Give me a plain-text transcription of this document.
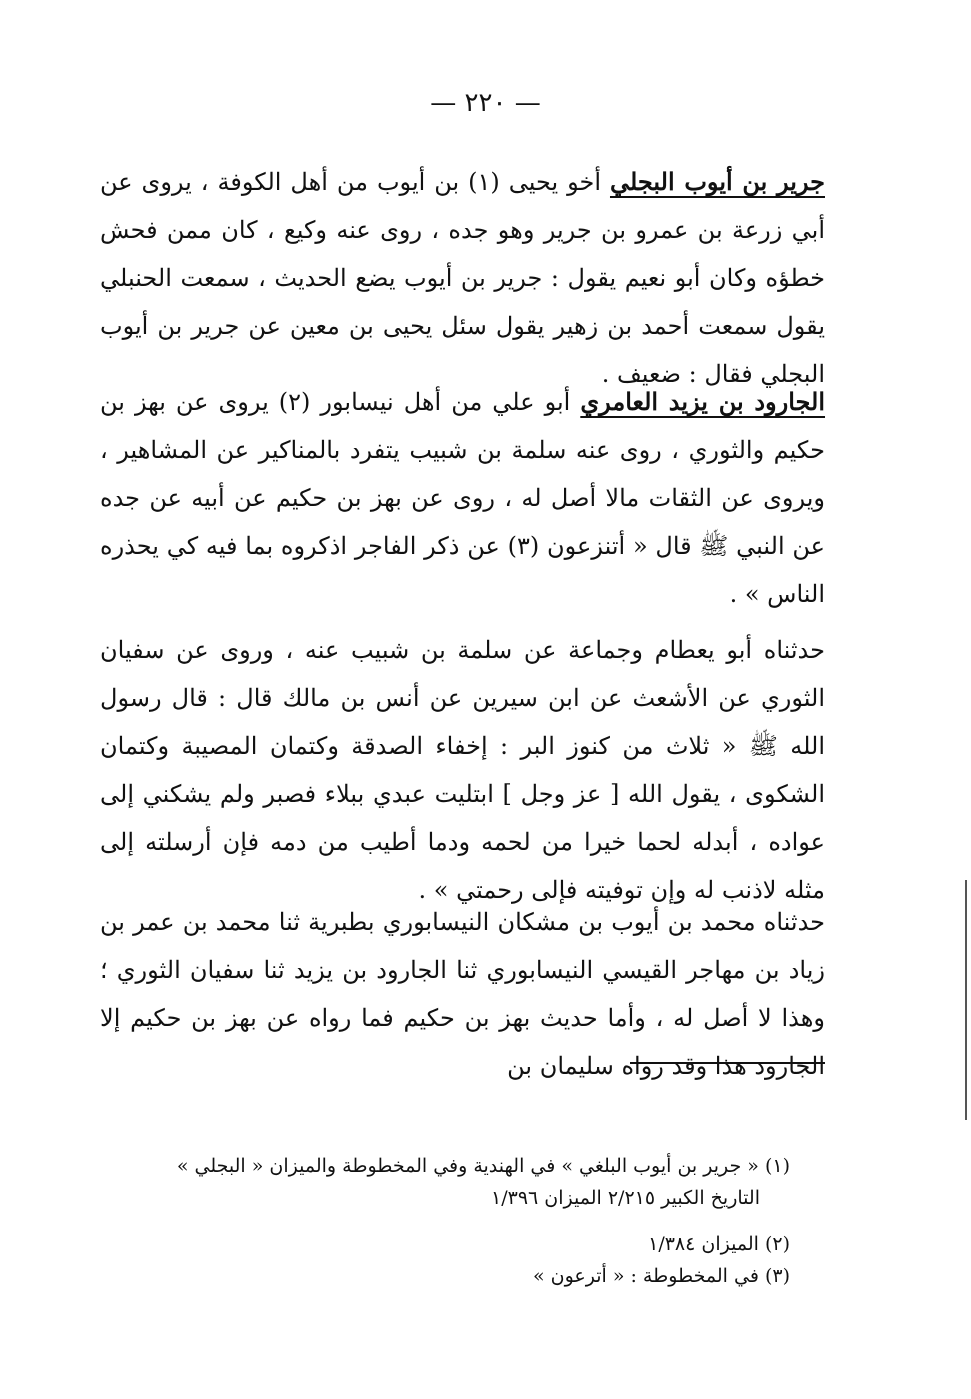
— ٢٢٠ —
جرير بن أيوب البجلي أخو يحيى (١) بن أيوب من أهل الكوفة ، يروى عن أبي زرعة بن عمرو بن جرير وهو جده ، روى عنه وكيع ، كان ممن فحش خطؤه وكان أبو نعيم يقول : جرير بن أيوب يضع الحديث ، سمعت الحنبلي يقول سمعت أحمد بن زهير يقول سئل يحيى بن معين عن جرير بن أيوب البجلي فقال : ضعيف .
الجارود بن يزيد العامري أبو علي من أهل نيسابور (٢) يروى عن بهز بن حكيم والثوري ، روى عنه سلمة بن شبيب يتفرد بالمناكير عن المشاهير ، ويروى عن الثقات مالا أصل له ، روى عن بهز بن حكيم عن أبيه عن جده عن النبي ﷺ قال « أتنزعون (٣) عن ذكر الفاجر اذكروه بما فيه كي يحذره الناس » .
حدثناه أبو يعطام وجماعة عن سلمة بن شبيب عنه ، وروى عن سفيان الثوري عن الأشعث عن ابن سيرين عن أنس بن مالك قال : قال رسول الله ﷺ « ثلاث من كنوز البر : إخفاء الصدقة وكتمان المصيبة وكتمان الشكوى ، يقول الله [ عز وجل ] ابتليت عبدي ببلاء فصبر ولم يشكني إلى عواده ، أبدله لحما خيرا من لحمه ودما أطيب من دمه فإن أرسلته إلى مثله لاذنب له وإن توفيته فإلى رحمتي » .
حدثناه محمد بن أيوب بن مشكان النيسابوري بطبرية ثنا محمد بن عمر بن زياد بن مهاجر القيسي النيسابوري ثنا الجارود بن يزيد ثنا سفيان الثوري ؛ وهذا لا أصل له ، وأما حديث بهز بن حكيم فما رواه عن بهز بن حكيم إلا الجارود هذا وقد رواه سليمان بن
(١) « جرير بن أيوب البلغي » في الهندية وفي المخطوطة والميزان « البجلي »
التاريخ الكبير ٢/٢١٥ الميزان ١/٣٩٦
(٢) الميزان ١/٣٨٤
(٣) في المخطوطة : « أترعون »
